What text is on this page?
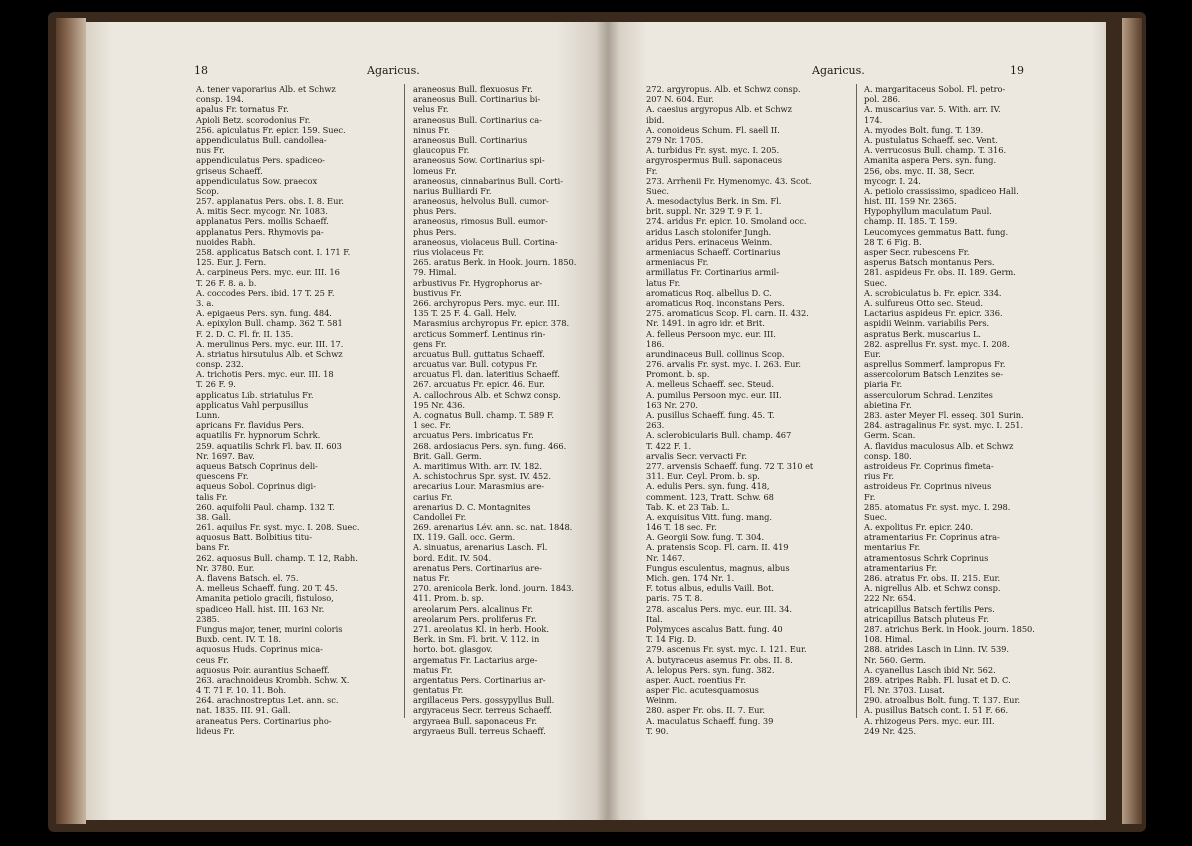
18	Agaricus.	Agaricus.	19
A. tener vaporarius Alb. et Schwz
consp. 194.
apalus Fr. tornatus Fr.
Apioli Betz. scorodonius Fr.
256. apiculatus Fr. epicr. 159. Suec.
appendiculatus Bull. candollea-
nus Fr.
appendiculatus Pers. spadiceo-
griseus Schaeff.
appendiculatus Sow. praecox
Scop.
257. applanatus Pers. obs. I. 8. Eur.
A. mitis Secr. mycogr. Nr. 1083.
applanatus Pers. mollis Schaeff.
applanatus Pers. Rhymovis pa-
nuoides Rabh.
258. applicatus Batsch cont. I. 171 F.
125. Eur. J. Fern.
A. carpineus Pers. myc. eur. III. 16
T. 26 F. 8. a. b.
A. coccodes Pers. ibid. 17 T. 25 F.
3. a.
A. epigaeus Pers. syn. fung. 484.
A. epixylon Bull. champ. 362 T. 581
F. 2. D. C. Fl. fr. II. 135.
A. merulinus Pers. myc. eur. III. 17.
A. striatus hirsutulus Alb. et Schwz
consp. 232.
A. trichotis Pers. myc. eur. III. 18
T. 26 F. 9.
applicatus Lib. striatulus Fr.
applicatus Vahl perpusillus
Lunn.
apricans Fr. flavidus Pers.
aquatilis Fr. hypnorum Schrk.
259. aquatilis Schrk Fl. bav. II. 603
Nr. 1697. Bav.
aqueus Batsch Coprinus deli-
quescens Fr.
aqueus Sobol. Coprinus digi-
talis Fr.
260. aquifolii Paul. champ. 132 T.
38. Gall.
261. aquilus Fr. syst. myc. I. 208. Suec.
aquosus Batt. Bolbitius titu-
bans Fr.
262. aquosus Bull. champ. T. 12, Rabh.
Nr. 3780. Eur.
A. flavens Batsch. el. 75.
A. melleus Schaeff. fung. 20 T. 45.
Amanita petiolo gracili, fistuloso,
spadiceo Hall. hist. III. 163 Nr.
2385.
Fungus major, tener, murini coloris
Buxb. cent. IV. T. 18.
aquosus Huds. Coprinus mica-
ceus Fr.
aquosus Poir. aurantius Schaeff.
263. arachnoideus Krombh. Schw. X.
4 T. 71 F. 10. 11. Boh.
264. arachnostreptus Let. ann. sc.
nat. 1835. III. 91. Gall.
araneatus Pers. Cortinarius pho-
lideus Fr.
araneosus Bull. flexuosus Fr.
araneosus Bull. Cortinarius bi-
velus Fr.
araneosus Bull. Cortinarius ca-
ninus Fr.
araneosus Bull. Cortinarius
glaucopus Fr.
araneosus Sow. Cortinarius spi-
lomeus Fr.
araneosus, cinnabarinus Bull. Corti-
narius Bulliardi Fr.
araneosus, helvolus Bull. cumor-
phus Pers.
araneosus, rimosus Bull. eumor-
phus Pers.
araneosus, violaceus Bull. Cortina-
rius violaceus Fr.
265. aratus Berk. in Hook. journ. 1850.
79. Himal.
arbustivus Fr. Hygrophorus ar-
bustivus Fr.
266. archyropus Pers. myc. eur. III.
135 T. 25 F. 4. Gall. Helv.
Marasmius archyropus Fr. epicr. 378.
arcticus Sommerf. Lentinus rin-
gens Fr.
arcuatus Bull. guttatus Schaeff.
arcuatus var. Bull. cotypus Fr.
arcuatus Fl. dan. lateritius Schaeff.
267. arcuatus Fr. epicr. 46. Eur.
A. callochrous Alb. et Schwz consp.
195 Nr. 436.
A. cognatus Bull. champ. T. 589 F.
1 sec. Fr.
arcuatus Pers. imbricatus Fr.
268. ardosiacus Pers. syn. fung. 466.
Brit. Gall. Germ.
A. maritimus With. arr. IV. 182.
A. schistochrus Spr. syst. IV. 452.
arecarius Lour. Marasmius are-
carius Fr.
arenarius D. C. Montagnites
Candollei Fr.
269. arenarius Lév. ann. sc. nat. 1848.
IX. 119. Gall. occ. Germ.
A. sinuatus, arenarius Lasch. Fl.
bord. Edit. IV. 504.
arenatus Pers. Cortinarius are-
natus Fr.
270. arenicola Berk. lond. journ. 1843.
411. Prom. b. sp.
areolarum Pers. alcalinus Fr.
areolarum Pers. proliferus Fr.
271. areolatus Kl. in herb. Hook.
Berk. in Sm. Fl. brit. V. 112. in
horto. bot. glasgov.
argematus Fr. Lactarius arge-
matus Fr.
argentatus Pers. Cortinarius ar-
gentatus Fr.
argillaceus Pers. gossypyllus Bull.
argyraceus Secr. terreus Schaeff.
argyraea Bull. saponaceus Fr.
argyraeus Bull. terreus Schaeff.
272. argyropus. Alb. et Schwz consp.
207 N. 604. Eur.
A. caesius argyropus Alb. et Schwz
ibid.
A. conoideus Schum. Fl. saell II.
279 Nr. 1705.
A. turbidus Fr. syst. myc. I. 205.
argyrospermus Bull. saponaceus
Fr.
273. Arrhenii Fr. Hymenomyc. 43. Scot.
Suec.
A. mesodactylus Berk. in Sm. Fl.
brit. suppl. Nr. 329 T. 9 F. 1.
274. aridus Fr. epicr. 10. Smoland occ.
aridus Lasch stolonifer Jungh.
aridus Pers. erinaceus Weinm.
armeniacus Schaeff. Cortinarius
armeniacus Fr.
armillatus Fr. Cortinarius armil-
latus Fr.
aromaticus Roq. albellus D. C.
aromaticus Roq. inconstans Pers.
275. aromaticus Scop. Fl. carn. II. 432.
Nr. 1491. in agro idr. et Brit.
A. felleus Persoon myc. eur. III.
186.
arundinaceus Bull. collinus Scop.
276. arvalis Fr. syst. myc. I. 263. Eur.
Promont. b. sp.
A. melleus Schaeff. sec. Steud.
A. pumilus Persoon myc. eur. III.
163 Nr. 270.
A. pusillus Schaeff. fung. 45. T.
263.
A. sclerobicularis Bull. champ. 467
T. 422 F. 1.
arvalis Secr. vervacti Fr.
277. arvensis Schaeff. fung. 72 T. 310 et
311. Eur. Ceyl. Prom. b. sp.
A. edulis Pers. syn. fung. 418,
comment. 123, Tratt. Schw. 68
Tab. K. et 23 Tab. L.
A. exquisitus Vitt. fung. mang.
146 T. 18 sec. Fr.
A. Georgii Sow. fung. T. 304.
A. pratensis Scop. Fl. carn. II. 419
Nr. 1467.
Fungus esculentus, magnus, albus
Mich. gen. 174 Nr. 1.
F. totus albus, edulis Vaill. Bot.
paris. 75 T. 8.
278. ascalus Pers. myc. eur. III. 34.
Ital.
Polymyces ascalus Batt. fung. 40
T. 14 Fig. D.
279. ascenus Fr. syst. myc. I. 121. Eur.
A. butyraceus asemus Fr. obs. II. 8.
A. lelopus Pers. syn. fung. 382.
asper. Auct. roentius Fr.
asper Fic. acutesquamosus
Weinm.
280. asper Fr. obs. II. 7. Eur.
A. maculatus Schaeff. fung. 39
T. 90.
A. margaritaceus Sobol. Fl. petro-
pol. 286.
A. muscarius var. 5. With. arr. IV.
174.
A. myodes Bolt. fung. T. 139.
A. pustulatus Schaeff. sec. Vent.
A. verrucosus Bull. champ. T. 316.
Amanita aspera Pers. syn. fung.
256, obs. myc. II. 38, Secr.
mycogr. I. 24.
A. petiolo crassissimo, spadiceo Hall.
hist. III. 159 Nr. 2365.
Hypophyllum maculatum Paul.
champ. II. 185. T. 159.
Leucomyces gemmatus Batt. fung.
28 T. 6 Fig. B.
asper Secr. rubescens Fr.
asperus Batsch montanus Pers.
281. aspideus Fr. obs. II. 189. Germ.
Suec.
A. scrobiculatus b. Fr. epicr. 334.
A. sulfureus Otto sec. Steud.
Lactarius aspideus Fr. epicr. 336.
aspidii Weinm. variabilis Pers.
aspratus Berk. muscarius L.
282. asprellus Fr. syst. myc. I. 208.
Eur.
asprellus Sommerf. lampropus Fr.
assercolorum Batsch Lenzites se-
piaria Fr.
asserculorum Schrad. Lenzites
abietina Fr.
283. aster Meyer Fl. esseq. 301 Surin.
284. astragalinus Fr. syst. myc. I. 251.
Germ. Scan.
A. flavidus maculosus Alb. et Schwz
consp. 180.
astroideus Fr. Coprinus fimeta-
rius Fr.
astroideus Fr. Coprinus niveus
Fr.
285. atomatus Fr. syst. myc. I. 298.
Suec.
A. expolitus Fr. epicr. 240.
atramentarius Fr. Coprinus atra-
mentarius Fr.
atramentosus Schrk Coprinus
atramentarius Fr.
286. atratus Fr. obs. II. 215. Eur.
A. nigrellus Alb. et Schwz consp.
222 Nr. 654.
atricapillus Batsch fertilis Pers.
atricapillus Batsch pluteus Fr.
287. atrichus Berk. in Hook. journ. 1850.
108. Himal.
288. atrides Lasch in Linn. IV. 539.
Nr. 560. Germ.
A. cyanellus Lasch ibid Nr. 562.
289. atripes Rabh. Fl. lusat et D. C.
Fl. Nr. 3703. Lusat.
290. atroalbus Bolt. fung. T. 137. Eur.
A. pusillus Batsch cont. I. 51 F. 66.
A. rhizogeus Pers. myc. eur. III.
249 Nr. 425.
